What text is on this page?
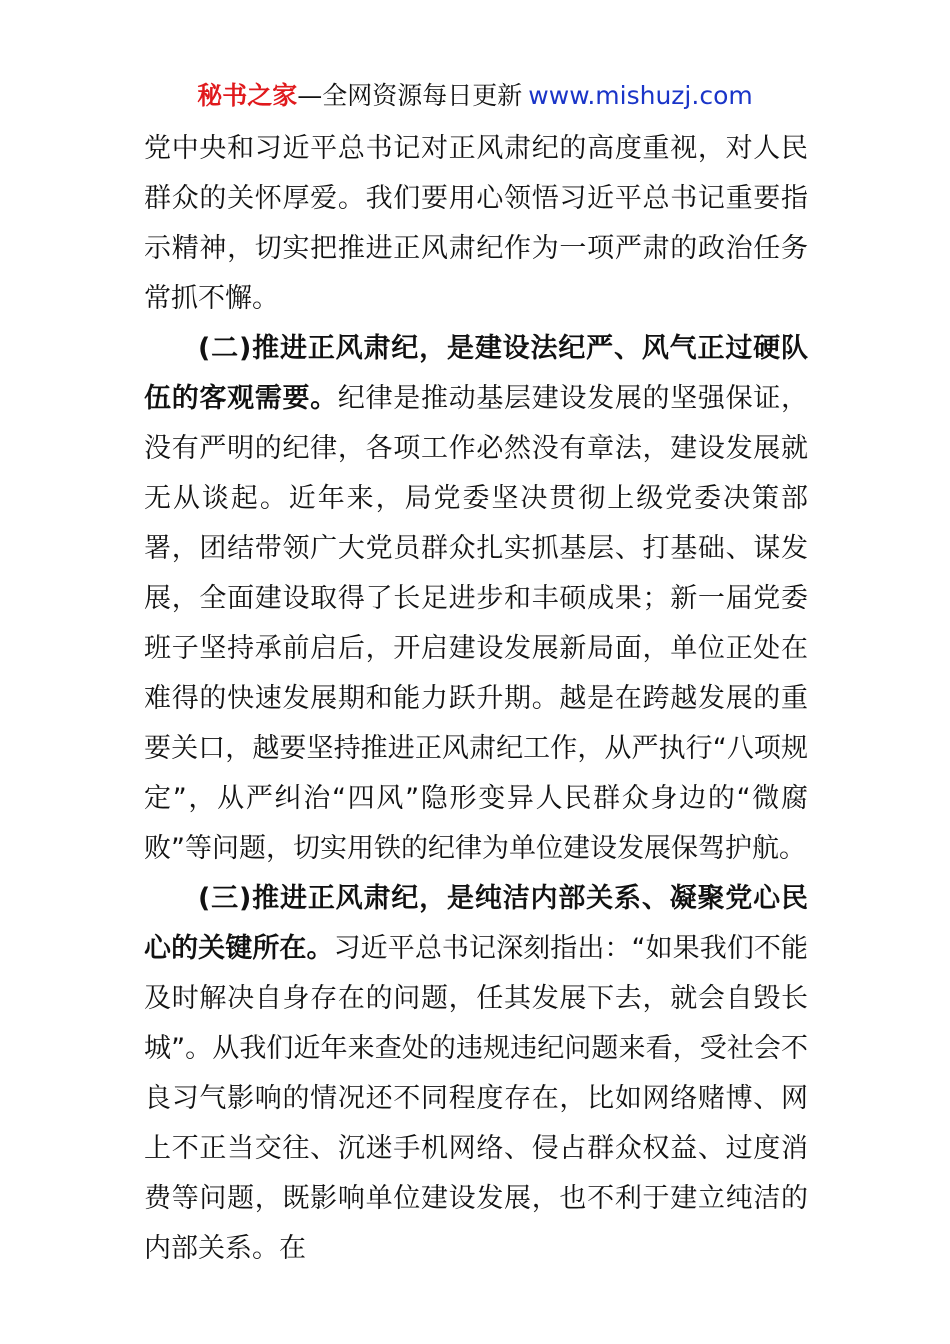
秘书之家—全网资源每日更新 www.mishuzj.com

党中央和习近平总书记对正风肃纪的高度重视，对人民群众的关怀厚爱。我们要用心领悟习近平总书记重要指示精神，切实把推进正风肃纪作为一项严肃的政治任务常抓不懈。

(二)推进正风肃纪，是建设法纪严、风气正过硬队伍的客观需要。纪律是推动基层建设发展的坚强保证，没有严明的纪律，各项工作必然没有章法，建设发展就无从谈起。近年来，局党委坚决贯彻上级党委决策部署，团结带领广大党员群众扎实抓基层、打基础、谋发展，全面建设取得了长足进步和丰硕成果；新一届党委班子坚持承前启后，开启建设发展新局面，单位正处在难得的快速发展期和能力跃升期。越是在跨越发展的重要关口，越要坚持推进正风肃纪工作，从严执行“八项规定”，从严纠治“四风”隐形变异人民群众身边的“微腐败”等问题，切实用铁的纪律为单位建设发展保驾护航。

(三)推进正风肃纪，是纯洁内部关系、凝聚党心民心的关键所在。习近平总书记深刻指出：“如果我们不能及时解决自身存在的问题，任其发展下去，就会自毁长城”。从我们近年来查处的违规违纪问题来看，受社会不良习气影响的情况还不同程度存在，比如网络赌博、网上不正当交往、沉迷手机网络、侵占群众权益、过度消费等问题，既影响单位建设发展，也不利于建立纯洁的内部关系。在
